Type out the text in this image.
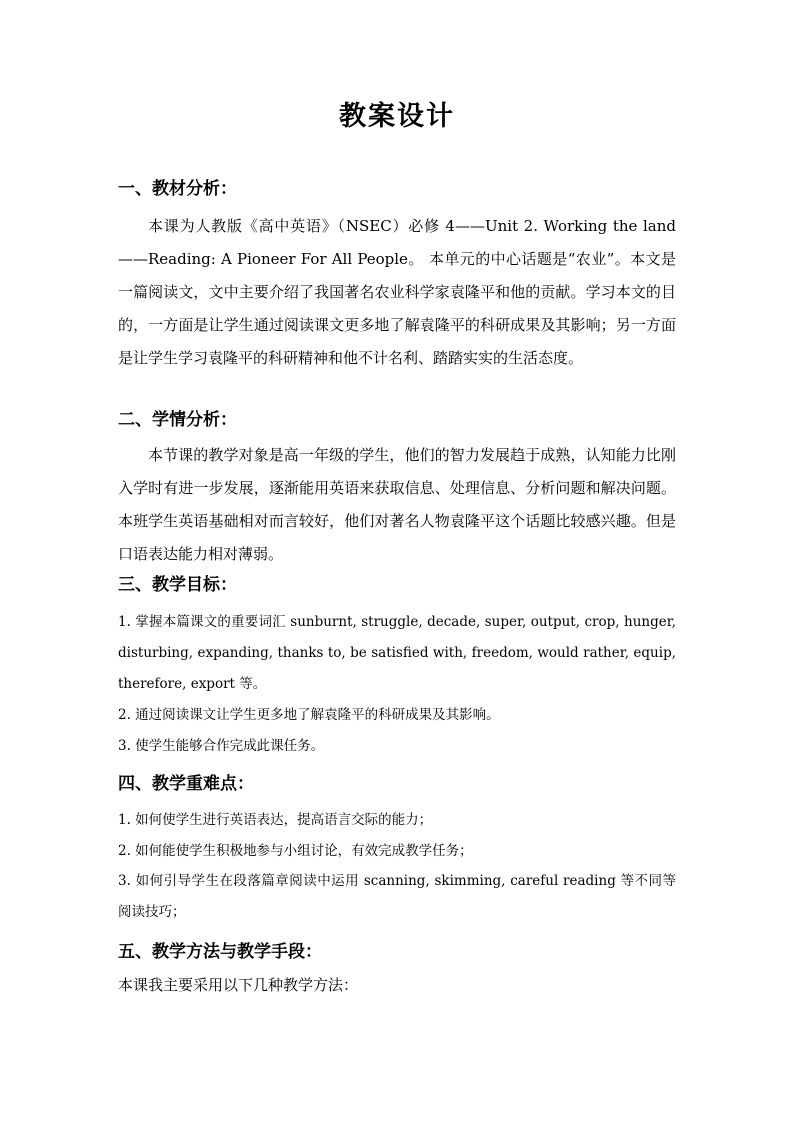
教案设计
一、教材分析：

本课为人教版《高中英语》（NSEC）必修 4——Unit 2. Working the land——Reading: A Pioneer For All People。 本单元的中心话题是“农业”。本文是一篇阅读文，文中主要介绍了我国著名农业科学家袁隆平和他的贡献。学习本文的目的，一方面是让学生通过阅读课文更多地了解袁隆平的科研成果及其影响；另一方面是让学生学习袁隆平的科研精神和他不计名利、踏踏实实的生活态度。

二、学情分析：

本节课的教学对象是高一年级的学生，他们的智力发展趋于成熟，认知能力比刚入学时有进一步发展，逐渐能用英语来获取信息、处理信息、分析问题和解决问题。本班学生英语基础相对而言较好，他们对著名人物袁隆平这个话题比较感兴趣。但是口语表达能力相对薄弱。

三、教学目标：

1. 掌握本篇课文的重要词汇 sunburnt, struggle, decade, super, output, crop, hunger, disturbing, expanding, thanks to, be satisfied with, freedom, would rather, equip, therefore, export 等。

2. 通过阅读课文让学生更多地了解袁隆平的科研成果及其影响。

3. 使学生能够合作完成此课任务。

四、教学重难点：

1. 如何使学生进行英语表达，提高语言交际的能力；

2. 如何能使学生积极地参与小组讨论，有效完成教学任务；

3. 如何引导学生在段落篇章阅读中运用 scanning, skimming, careful reading 等不同等阅读技巧；

五、教学方法与教学手段：

本课我主要采用以下几种教学方法：
